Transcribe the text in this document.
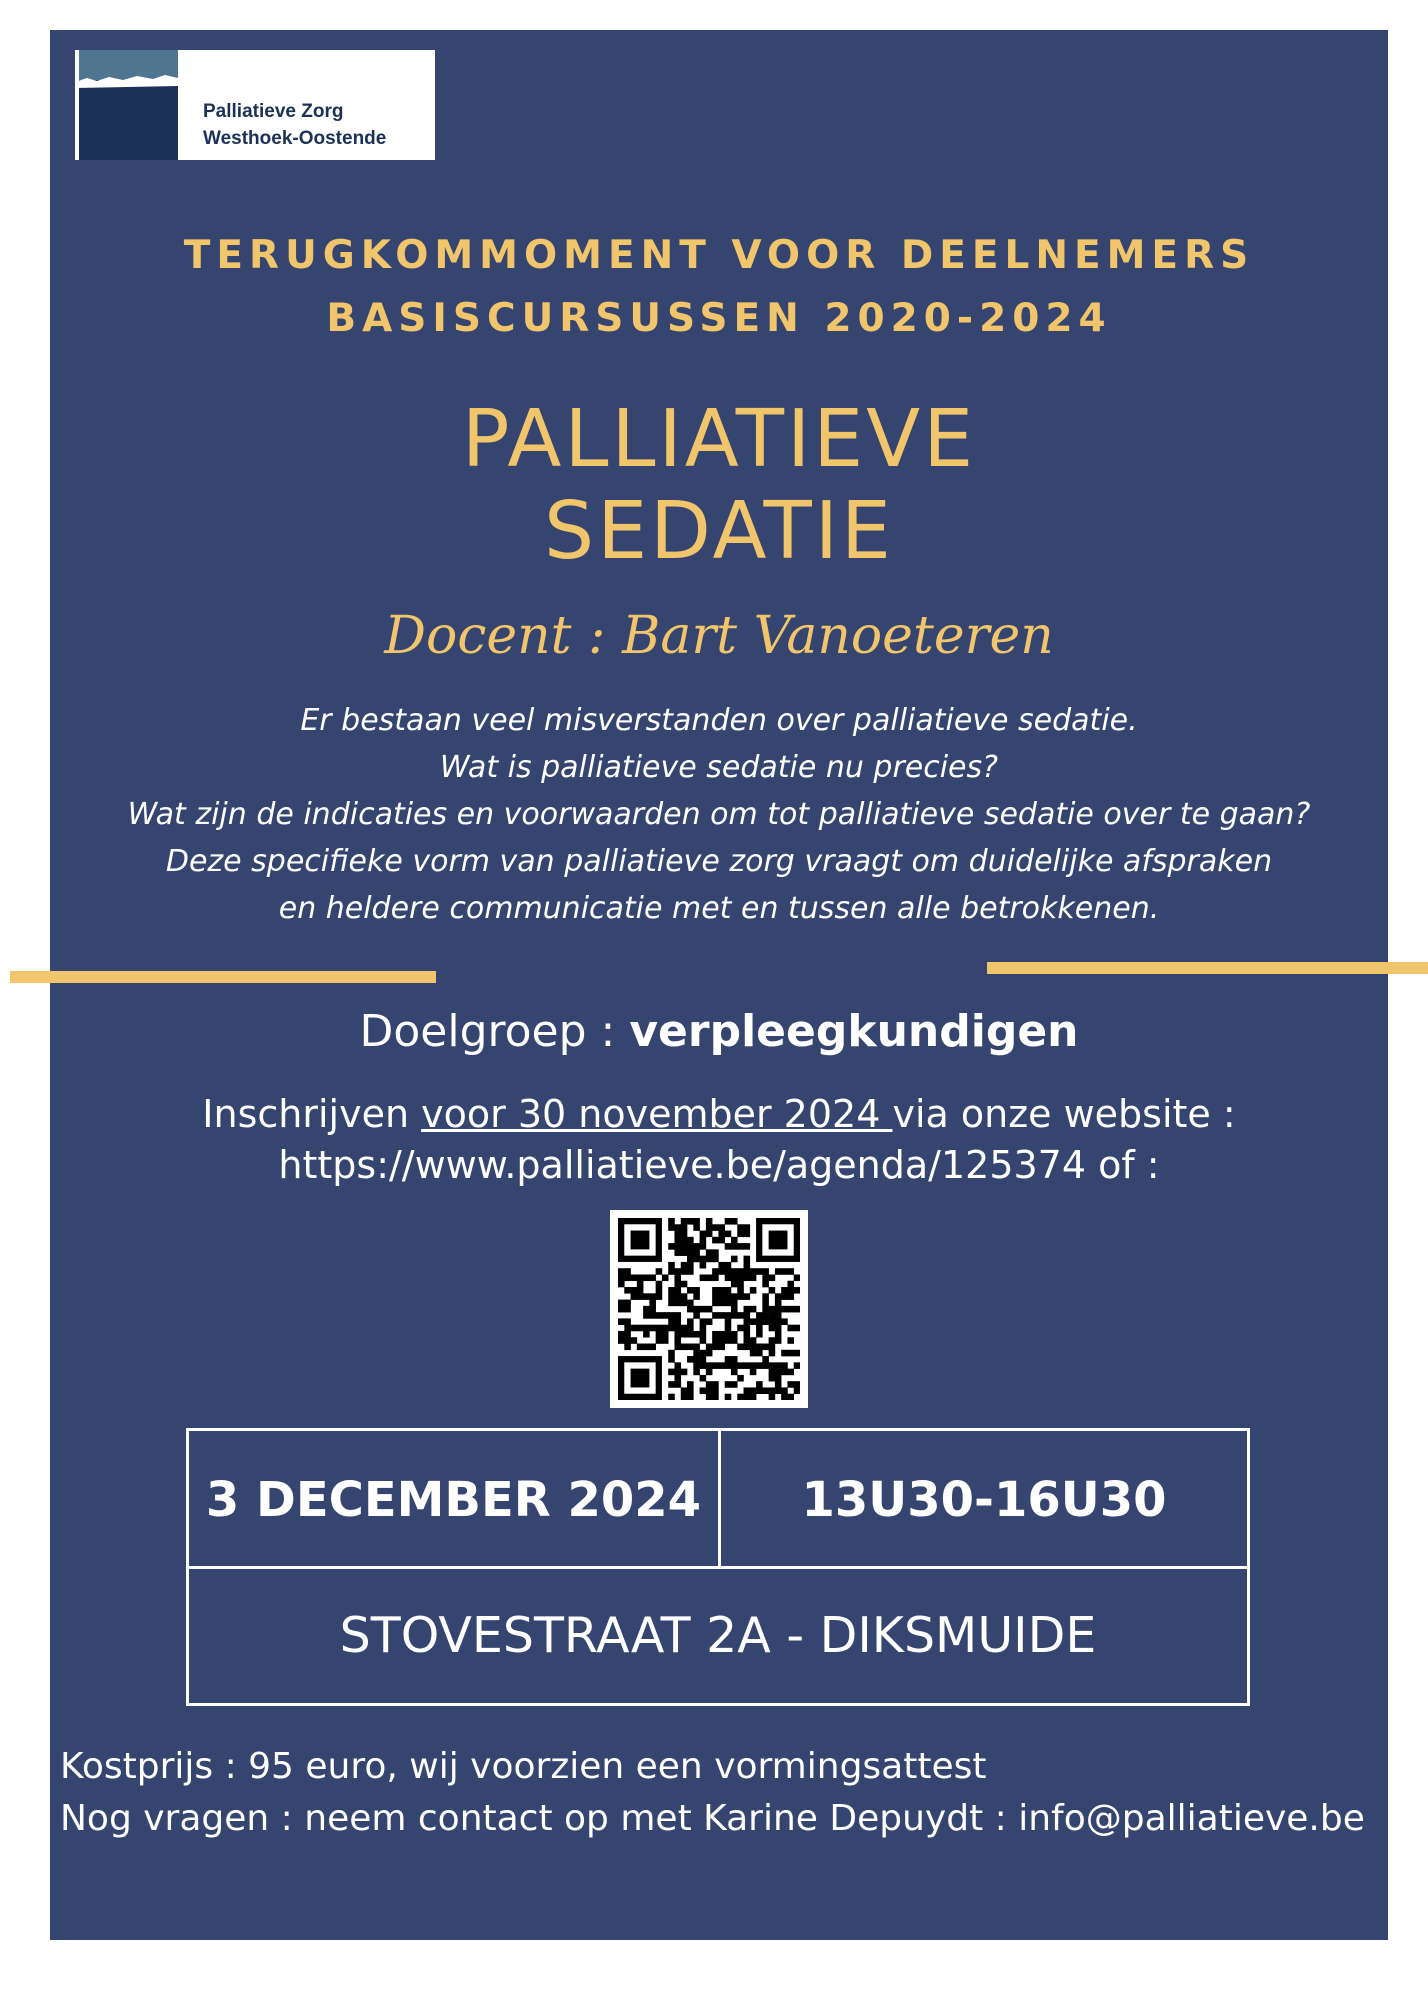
Palliatieve Zorg
Westhoek-Oostende
TERUGKOMMOMENT VOOR DEELNEMERS
BASISCURSUSSEN 2020-2024
PALLIATIEVE
SEDATIE
Docent : Bart Vanoeteren
Er bestaan veel misverstanden over palliatieve sedatie.
Wat is palliatieve sedatie nu precies?
Wat zijn de indicaties en voorwaarden om tot palliatieve sedatie over te gaan?
Deze specifieke vorm van palliatieve zorg vraagt om duidelijke afspraken
en heldere communicatie met en tussen alle betrokkenen.
Doelgroep : verpleegkundigen
Inschrijven voor 30 november 2024 via onze website :
https://www.palliatieve.be/agenda/125374 of :
3 DECEMBER 2024	13U30-16U30
STOVESTRAAT 2A - DIKSMUIDE
Kostprijs : 95 euro, wij voorzien een vormingsattest
Nog vragen : neem contact op met Karine Depuydt : info@palliatieve.be
